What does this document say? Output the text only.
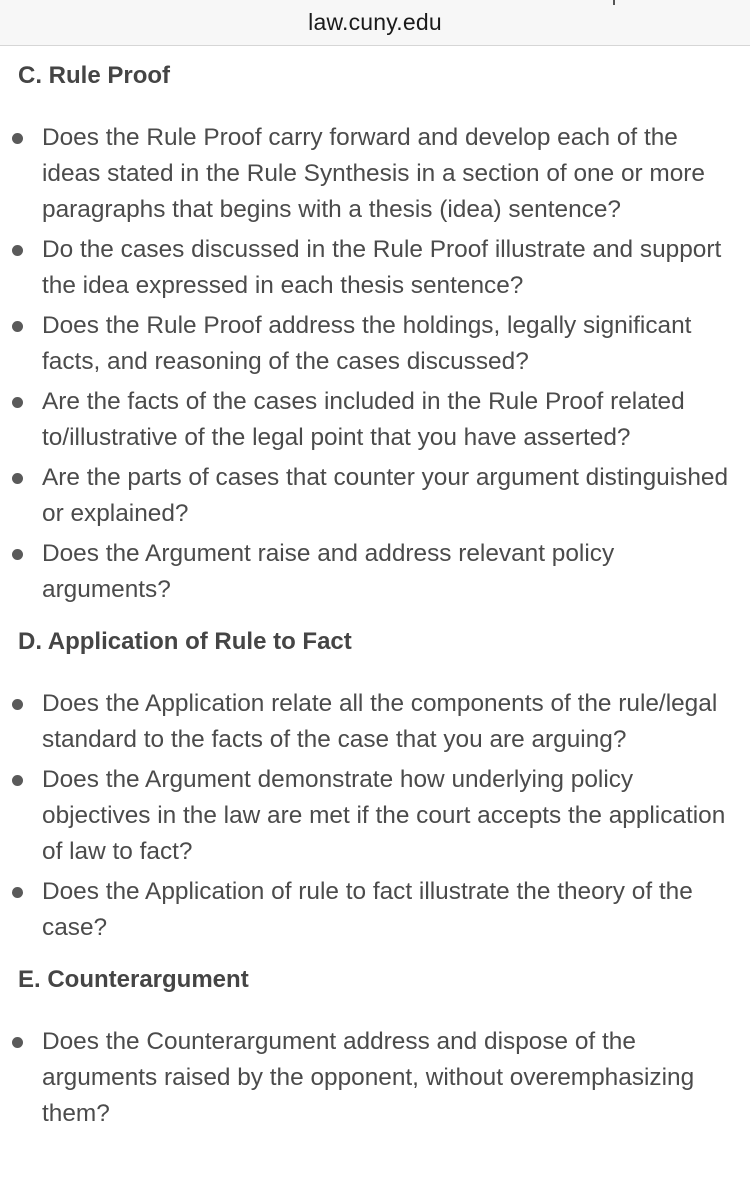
law.cuny.edu
C. Rule Proof
Does the Rule Proof carry forward and develop each of the ideas stated in the Rule Synthesis in a section of one or more paragraphs that begins with a thesis (idea) sentence?
Do the cases discussed in the Rule Proof illustrate and support the idea expressed in each thesis sentence?
Does the Rule Proof address the holdings, legally significant facts, and reasoning of the cases discussed?
Are the facts of the cases included in the Rule Proof related to/illustrative of the legal point that you have asserted?
Are the parts of cases that counter your argument distinguished or explained?
Does the Argument raise and address relevant policy arguments?
D. Application of Rule to Fact
Does the Application relate all the components of the rule/legal standard to the facts of the case that you are arguing?
Does the Argument demonstrate how underlying policy objectives in the law are met if the court accepts the application of law to fact?
Does the Application of rule to fact illustrate the theory of the case?
E. Counterargument
Does the Counterargument address and dispose of the arguments raised by the opponent, without overemphasizing them?
